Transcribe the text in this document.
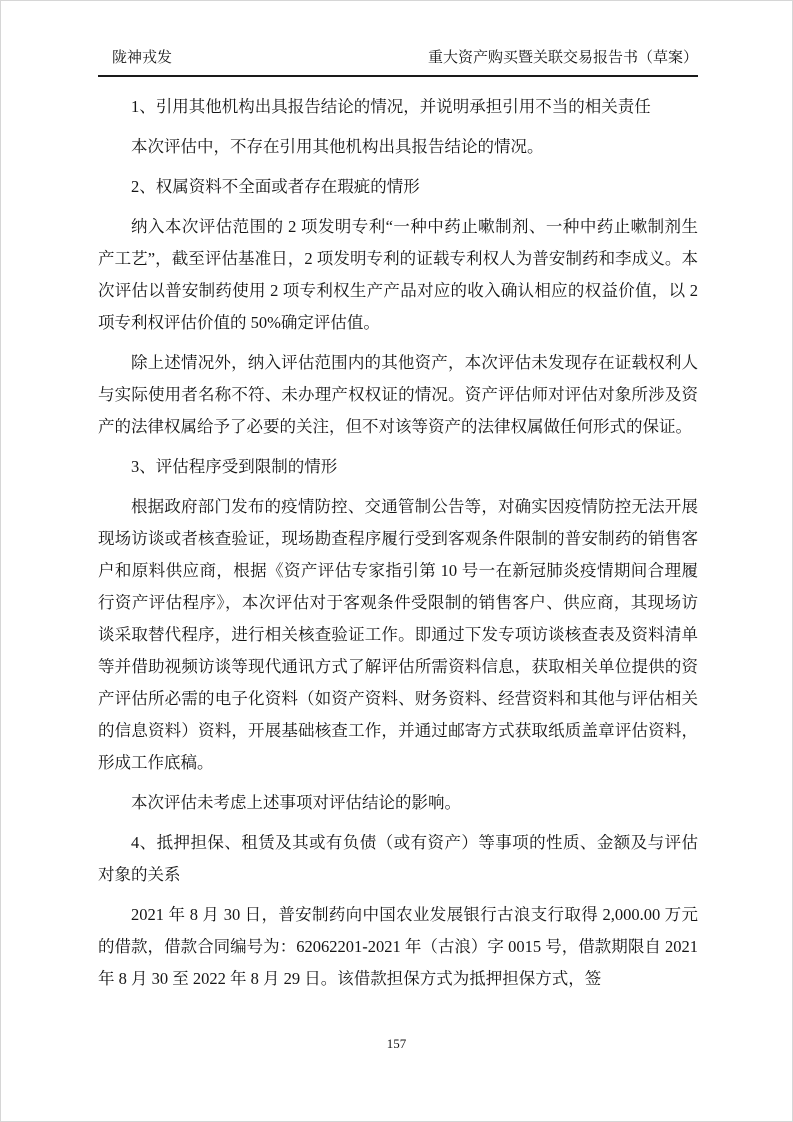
陇神戎发	重大资产购买暨关联交易报告书（草案）

1、引用其他机构出具报告结论的情况，并说明承担引用不当的相关责任

本次评估中，不存在引用其他机构出具报告结论的情况。

2、权属资料不全面或者存在瑕疵的情形

纳入本次评估范围的 2 项发明专利“一种中药止嗽制剂、一种中药止嗽制剂生产工艺”，截至评估基准日，2 项发明专利的证载专利权人为普安制药和李成义。本次评估以普安制药使用 2 项专利权生产产品对应的收入确认相应的权益价值，以 2 项专利权评估价值的 50%确定评估值。

除上述情况外，纳入评估范围内的其他资产，本次评估未发现存在证载权利人与实际使用者名称不符、未办理产权权证的情况。资产评估师对评估对象所涉及资产的法律权属给予了必要的关注，但不对该等资产的法律权属做任何形式的保证。

3、评估程序受到限制的情形

根据政府部门发布的疫情防控、交通管制公告等，对确实因疫情防控无法开展现场访谈或者核查验证，现场勘查程序履行受到客观条件限制的普安制药的销售客户和原料供应商，根据《资产评估专家指引第 10 号一在新冠肺炎疫情期间合理履行资产评估程序》，本次评估对于客观条件受限制的销售客户、供应商，其现场访谈采取替代程序，进行相关核查验证工作。即通过下发专项访谈核查表及资料清单等并借助视频访谈等现代通讯方式了解评估所需资料信息，获取相关单位提供的资产评估所必需的电子化资料（如资产资料、财务资料、经营资料和其他与评估相关的信息资料）资料，开展基础核查工作，并通过邮寄方式获取纸质盖章评估资料，形成工作底稿。

本次评估未考虑上述事项对评估结论的影响。

4、抵押担保、租赁及其或有负债（或有资产）等事项的性质、金额及与评估对象的关系

2021 年 8 月 30 日，普安制药向中国农业发展银行古浪支行取得 2,000.00 万元的借款，借款合同编号为：62062201-2021 年（古浪）字 0015 号，借款期限自 2021 年 8 月 30 至 2022 年 8 月 29 日。该借款担保方式为抵押担保方式，签

157
